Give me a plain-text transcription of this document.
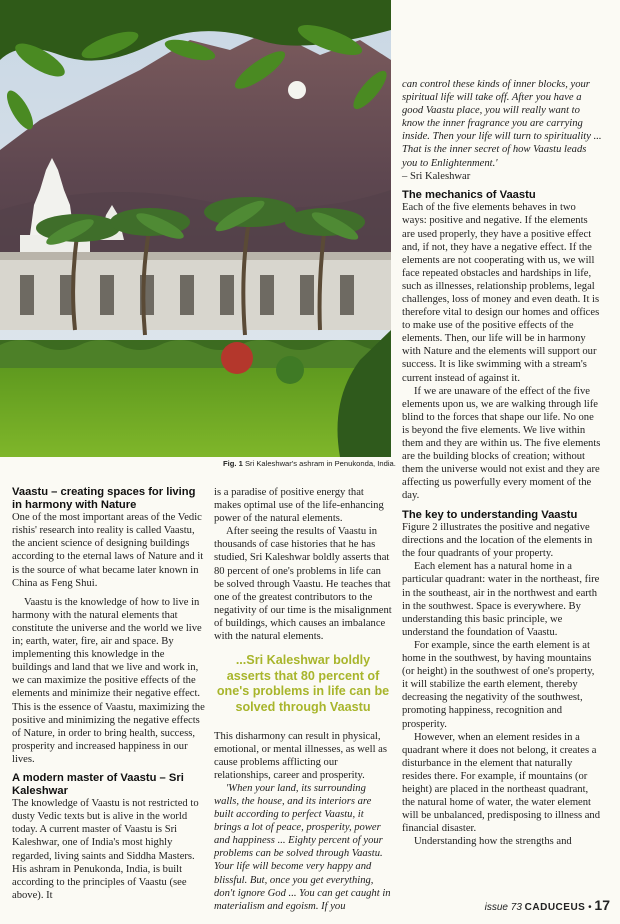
Fig. 1 Sri Kaleshwar's ashram in Penukonda, India.
Vaastu – creating spaces for living in harmony with Nature

One of the most important areas of the Vedic rishis' research into reality is called Vaastu, the ancient science of designing buildings according to the eternal laws of Nature and it is the source of what became later known in China as Feng Shui.

Vaastu is the knowledge of how to live in harmony with the natural elements that constitute the universe and the world we live in; earth, water, fire, air and space. By implementing this knowledge in the buildings and land that we live and work in, we can maximize the positive effects of the elements and minimize their negative effect. This is the essence of Vaastu, maximizing the positive and minimizing the negative effects of Nature, in order to bring health, success, prosperity and increased happiness in our lives.

A modern master of Vaastu – Sri Kaleshwar

The knowledge of Vaastu is not restricted to dusty Vedic texts but is alive in the world today. A current master of Vaastu is Sri Kaleshwar, one of India's most highly regarded, living saints and Siddha Masters. His ashram in Penukonda, India, is built according to the principles of Vaastu (see above). It

is a paradise of positive energy that makes optimal use of the life-enhancing power of the natural elements.

After seeing the results of Vaastu in thousands of case histories that he has studied, Sri Kaleshwar boldly asserts that 80 percent of one's problems in life can be solved through Vaastu. He teaches that one of the greatest contributors to the negativity of our time is the misalignment of buildings, which causes an imbalance with the natural elements.

...Sri Kaleshwar boldly asserts that 80 percent of one's problems in life can be solved through Vaastu

This disharmony can result in physical, emotional, or mental illnesses, as well as cause problems afflicting our relationships, career and prosperity.

'When your land, its surrounding walls, the house, and its interiors are built according to perfect Vaastu, it brings a lot of peace, prosperity, power and happiness ... Eighty percent of your problems can be solved through Vaastu. Your life will become very happy and blissful. But, once you get everything, don't ignore God ... You can get caught in materialism and egoism. If you

can control these kinds of inner blocks, your spiritual life will take off. After you have a good Vaastu place, you will really want to know the inner fragrance you are carrying inside. Then your life will turn to spirituality ... That is the inner secret of how Vaastu leads you to Enlightenment.'

– Sri Kaleshwar

The mechanics of Vaastu

Each of the five elements behaves in two ways: positive and negative. If the elements are used properly, they have a positive effect and, if not, they have a negative effect. If the elements are not cooperating with us, we will face repeated obstacles and hardships in life, such as illnesses, relationship problems, legal challenges, loss of money and even death. It is therefore vital to design our homes and offices to make use of the positive effects of the elements. Then, our life will be in harmony with Nature and the elements will support our success. It is like swimming with a stream's current instead of against it.

If we are unaware of the effect of the five elements upon us, we are walking through life blind to the forces that shape our life. No one is beyond the five elements. We live within them and they are within us. The five elements are the building blocks of creation; without them the universe would not exist and they are affecting us powerfully every moment of the day.

The key to understanding Vaastu

Figure 2 illustrates the positive and negative directions and the location of the elements in the four quadrants of your property.

Each element has a natural home in a particular quadrant: water in the northeast, fire in the southeast, air in the northwest and earth in the southwest. Space is everywhere. By understanding this basic principle, we understand the foundation of Vaastu.

For example, since the earth element is at home in the southwest, by having mountains (or height) in the southwest of one's property, it will stabilize the earth element, thereby decreasing the negativity of the southwest, promoting happiness, recognition and prosperity.

However, when an element resides in a quadrant where it does not belong, it creates a disturbance in the element that naturally resides there. For example, if mountains (or height) are placed in the northeast quadrant, the natural home of water, the water element will be unbalanced, predisposing to illness and financial disaster.

Understanding how the strengths and

issue 73 CADUCEUS • 17
